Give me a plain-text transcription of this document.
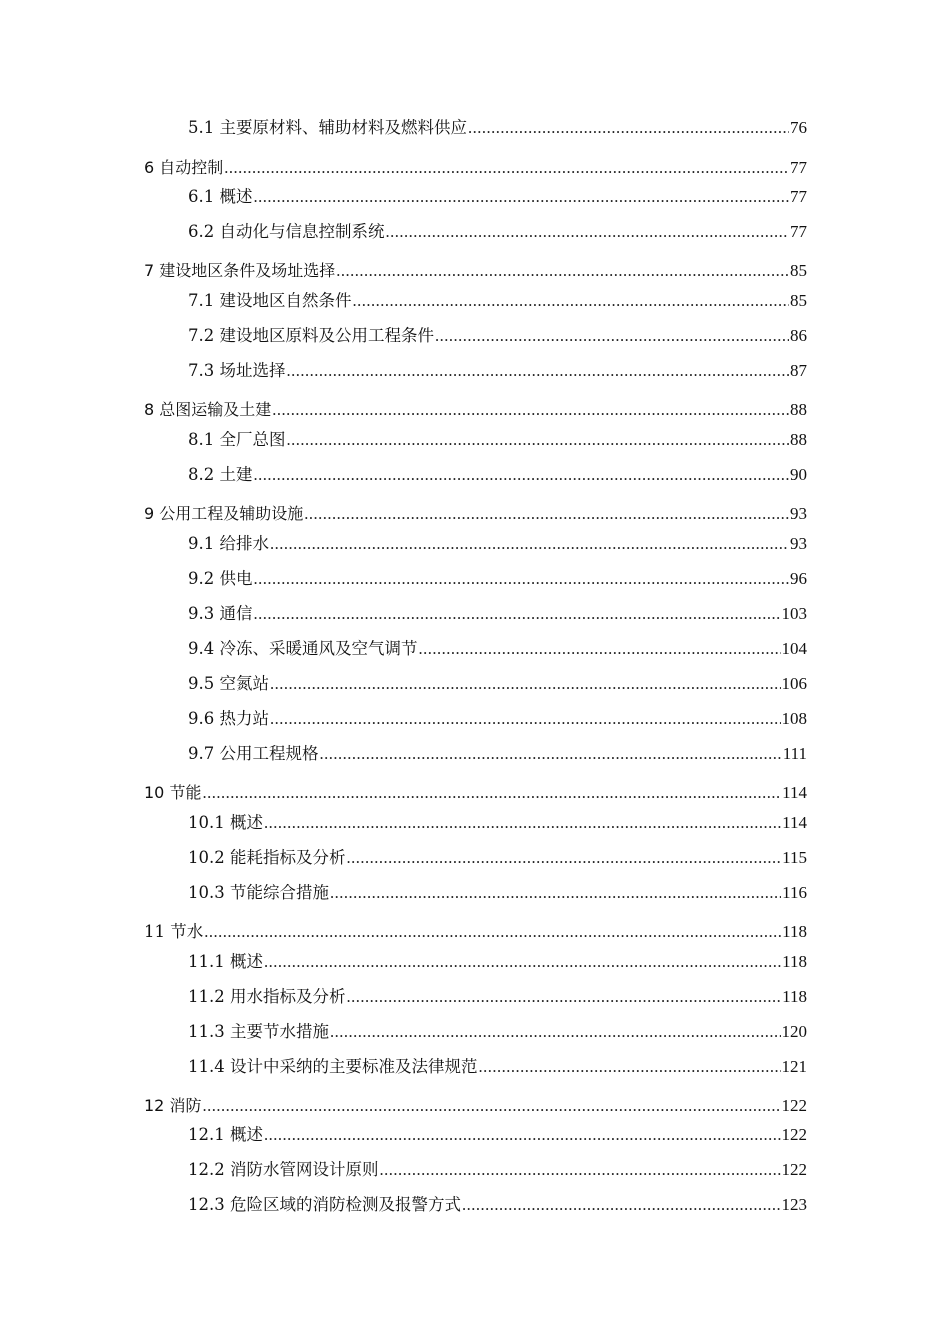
5.1 主要原材料、辅助材料及燃料供应 .....	76
6 自动控制 .....	77
6.1 概述 .....	77
6.2 自动化与信息控制系统 .....	77
7 建设地区条件及场址选择 .....	85
7.1 建设地区自然条件 .....	85
7.2 建设地区原料及公用工程条件 .....	86
7.3 场址选择 .....	87
8 总图运输及土建 .....	88
8.1 全厂总图 .....	88
8.2 土建 .....	90
9 公用工程及辅助设施 .....	93
9.1 给排水 .....	93
9.2 供电 .....	96
9.3 通信 .....	103
9.4 冷冻、采暖通风及空气调节 .....	104
9.5 空氮站 .....	106
9.6 热力站 .....	108
9.7 公用工程规格 .....	111
10 节能 .....	114
10.1 概述 .....	114
10.2 能耗指标及分析 .....	115
10.3 节能综合措施 .....	116
11 节水 .....	118
11.1 概述 .....	118
11.2 用水指标及分析 .....	118
11.3 主要节水措施 .....	120
11.4 设计中采纳的主要标准及法律规范 .....	121
12 消防 .....	122
12.1 概述 .....	122
12.2 消防水管网设计原则 .....	122
12.3 危险区域的消防检测及报警方式 .....	123
